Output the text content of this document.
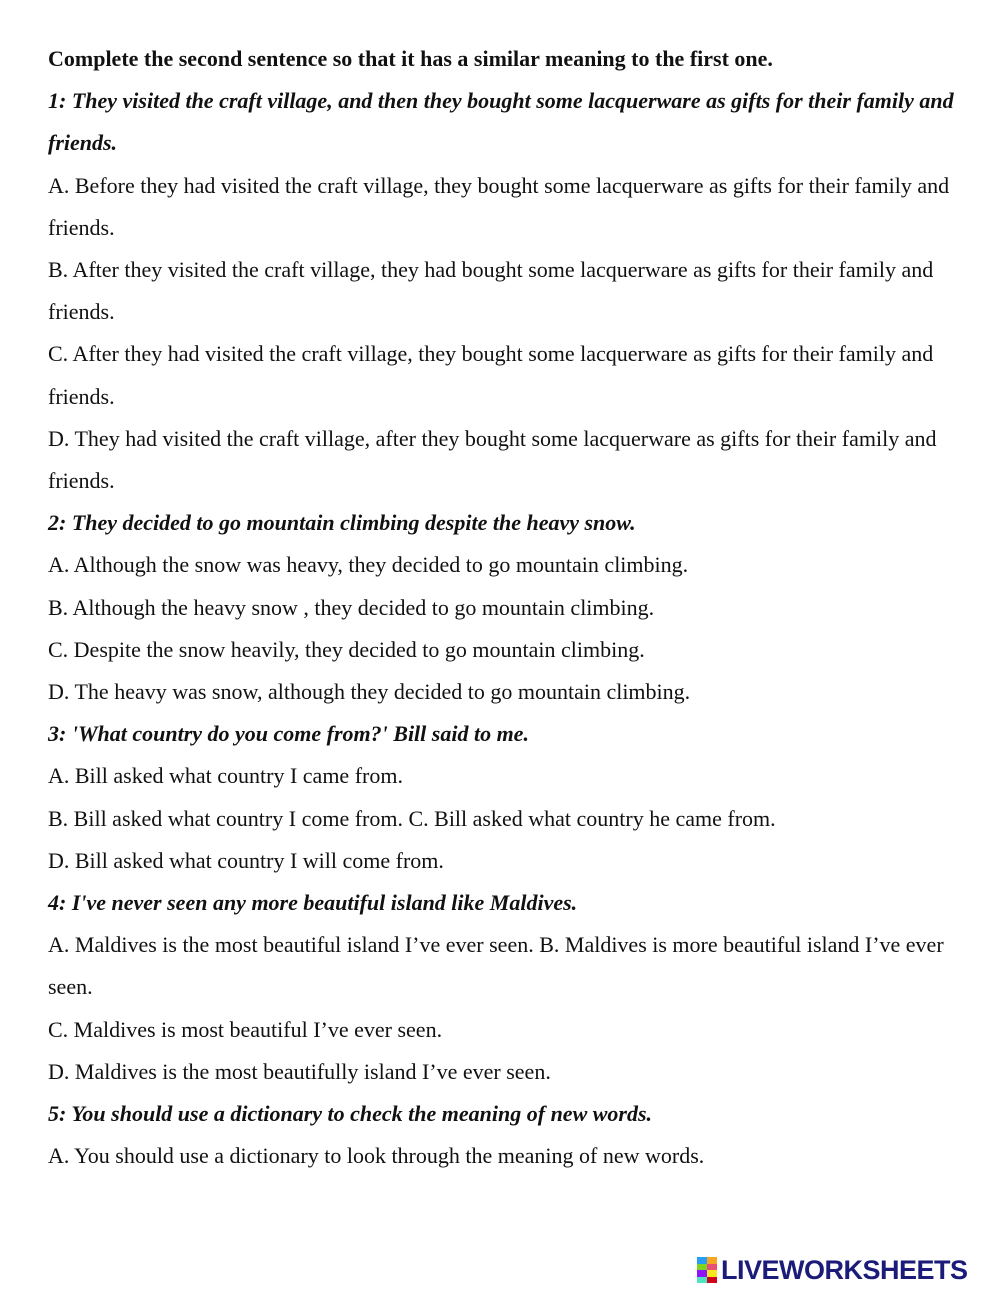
Complete the second sentence so that it has a similar meaning to the first one.
1: They visited the craft village, and then they bought some lacquerware as gifts for their family and friends.
A. Before they had visited the craft village, they bought some lacquerware as gifts for their family and friends.
B. After they visited the craft village, they had bought some lacquerware as gifts for their family and friends.
C. After they had visited the craft village, they bought some lacquerware as gifts for their family and friends.
D. They had visited the craft village, after they bought some lacquerware as gifts for their family and friends.
2: They decided to go mountain climbing despite the heavy snow.
A. Although the snow was heavy, they decided to go mountain climbing.
B. Although the heavy snow , they decided to go mountain climbing.
C. Despite the snow heavily, they decided to go mountain climbing.
D. The heavy was snow, although they decided to go mountain climbing.
3: 'What country do you come from?' Bill said to me.
A. Bill asked what country I came from.
B. Bill asked what country I come from. C. Bill asked what country he came from.
D. Bill asked what country I will come from.
4: I've never seen any more beautiful island like Maldives.
A. Maldives is the most beautiful island I’ve ever seen. B. Maldives is more beautiful island I’ve ever seen.
C. Maldives is most beautiful I’ve ever seen.
D. Maldives is the most beautifully island I’ve ever seen.
5: You should use a dictionary to check the meaning of new words.
A. You should use a dictionary to look through the meaning of new words.
LIVEWORKSHEETS
